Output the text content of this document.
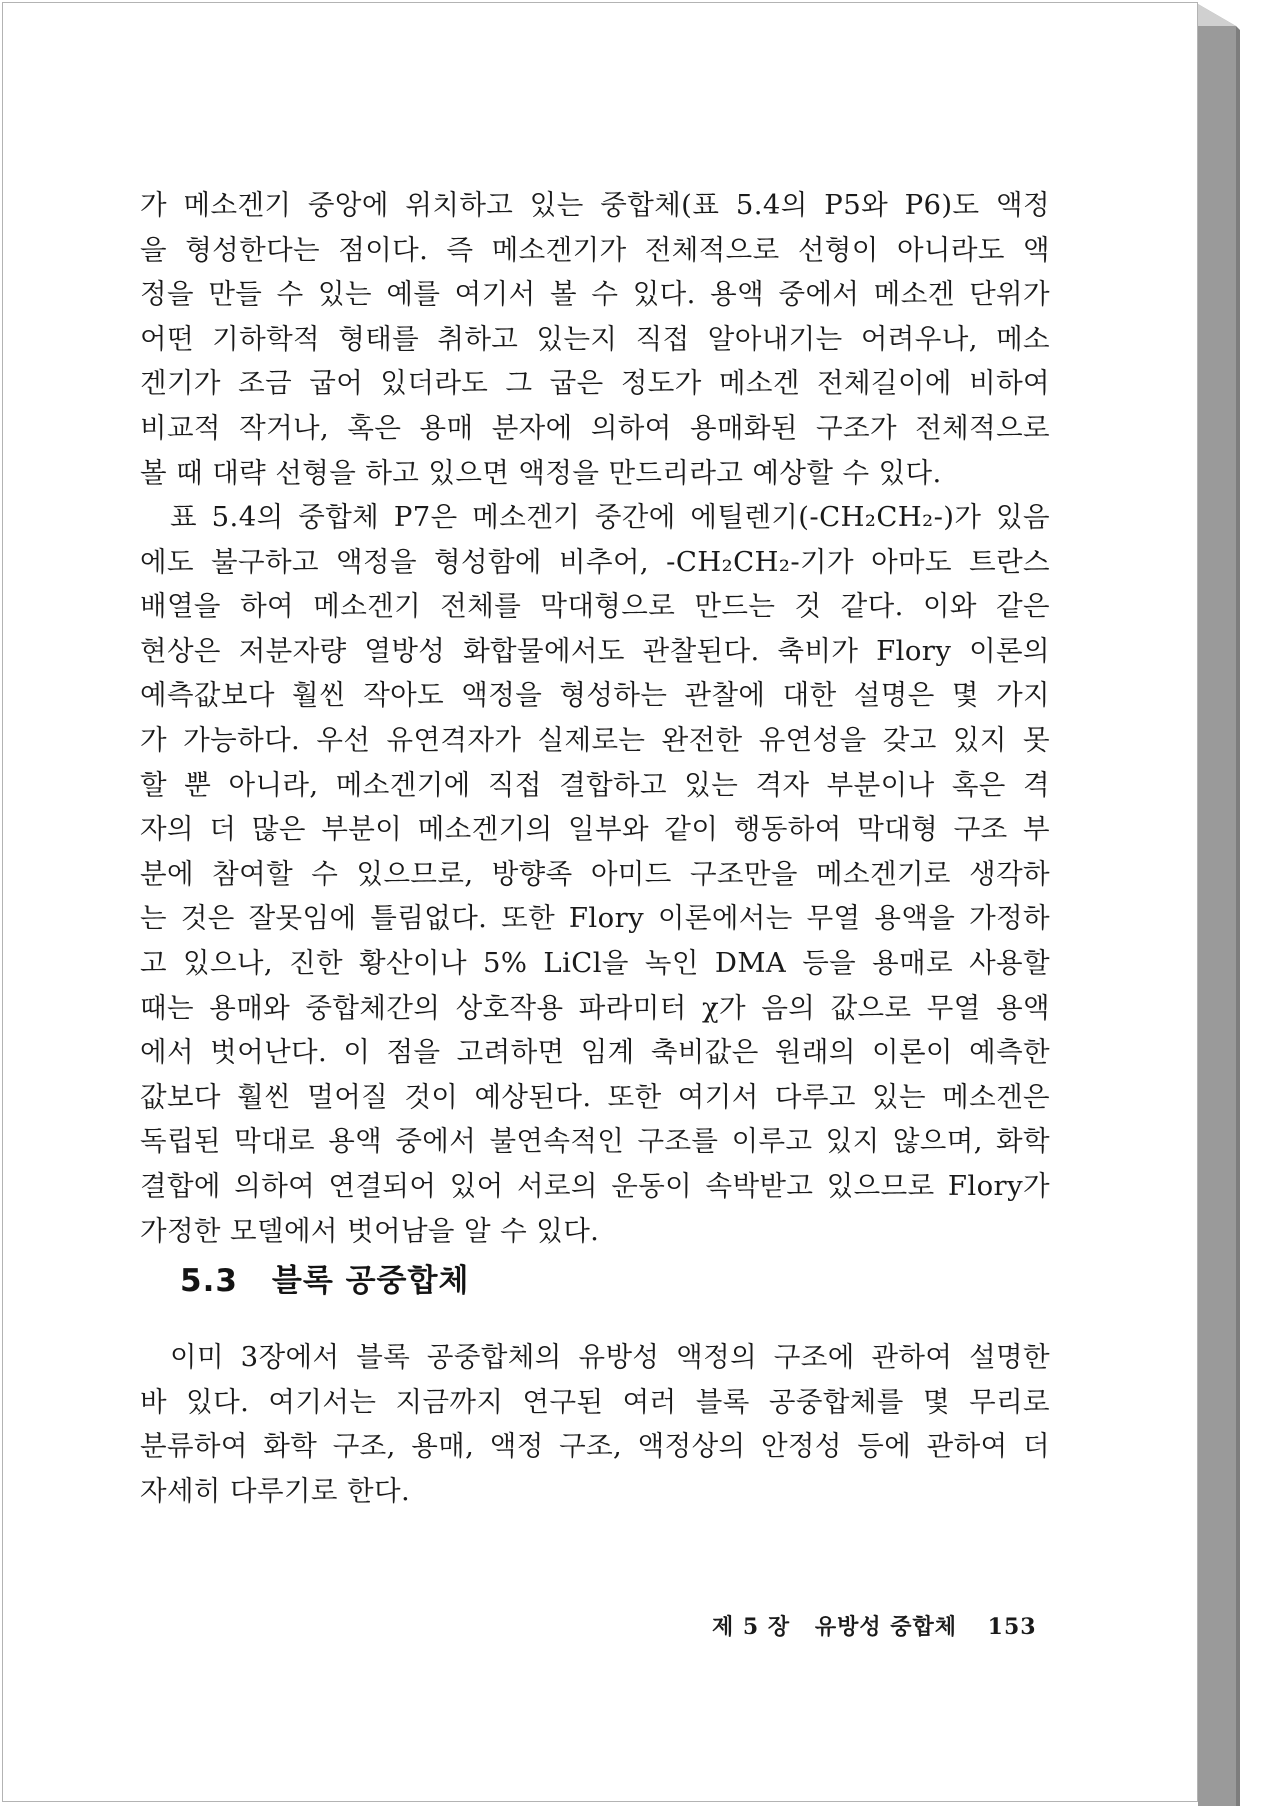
가 메소겐기 중앙에 위치하고 있는 중합체(표 5.4의 P5와 P6)도 액정
을 형성한다는 점이다. 즉 메소겐기가 전체적으로 선형이 아니라도 액
정을 만들 수 있는 예를 여기서 볼 수 있다. 용액 중에서 메소겐 단위가
어떤 기하학적 형태를 취하고 있는지 직접 알아내기는 어려우나, 메소
겐기가 조금 굽어 있더라도 그 굽은 정도가 메소겐 전체길이에 비하여
비교적 작거나, 혹은 용매 분자에 의하여 용매화된 구조가 전체적으로
볼 때 대략 선형을 하고 있으면 액정을 만드리라고 예상할 수 있다.
표 5.4의 중합체 P7은 메소겐기 중간에 에틸렌기(-CH₂CH₂-)가 있음
에도 불구하고 액정을 형성함에 비추어, -CH₂CH₂-기가 아마도 트란스
배열을 하여 메소겐기 전체를 막대형으로 만드는 것 같다. 이와 같은
현상은 저분자량 열방성 화합물에서도 관찰된다. 축비가 Flory 이론의
예측값보다 훨씬 작아도 액정을 형성하는 관찰에 대한 설명은 몇 가지
가 가능하다. 우선 유연격자가 실제로는 완전한 유연성을 갖고 있지 못
할 뿐 아니라, 메소겐기에 직접 결합하고 있는 격자 부분이나 혹은 격
자의 더 많은 부분이 메소겐기의 일부와 같이 행동하여 막대형 구조 부
분에 참여할 수 있으므로, 방향족 아미드 구조만을 메소겐기로 생각하
는 것은 잘못임에 틀림없다. 또한 Flory 이론에서는 무열 용액을 가정하
고 있으나, 진한 황산이나 5% LiCl을 녹인 DMA 등을 용매로 사용할
때는 용매와 중합체간의 상호작용 파라미터 χ가 음의 값으로 무열 용액
에서 벗어난다. 이 점을 고려하면 임계 축비값은 원래의 이론이 예측한
값보다 훨씬 멀어질 것이 예상된다. 또한 여기서 다루고 있는 메소겐은
독립된 막대로 용액 중에서 불연속적인 구조를 이루고 있지 않으며, 화학
결합에 의하여 연결되어 있어 서로의 운동이 속박받고 있으므로 Flory가
가정한 모델에서 벗어남을 알 수 있다.
5.3 블록 공중합체
이미 3장에서 블록 공중합체의 유방성 액정의 구조에 관하여 설명한
바 있다. 여기서는 지금까지 연구된 여러 블록 공중합체를 몇 무리로
분류하여 화학 구조, 용매, 액정 구조, 액정상의 안정성 등에 관하여 더
자세히 다루기로 한다.
제 5 장 유방성 중합체 153
